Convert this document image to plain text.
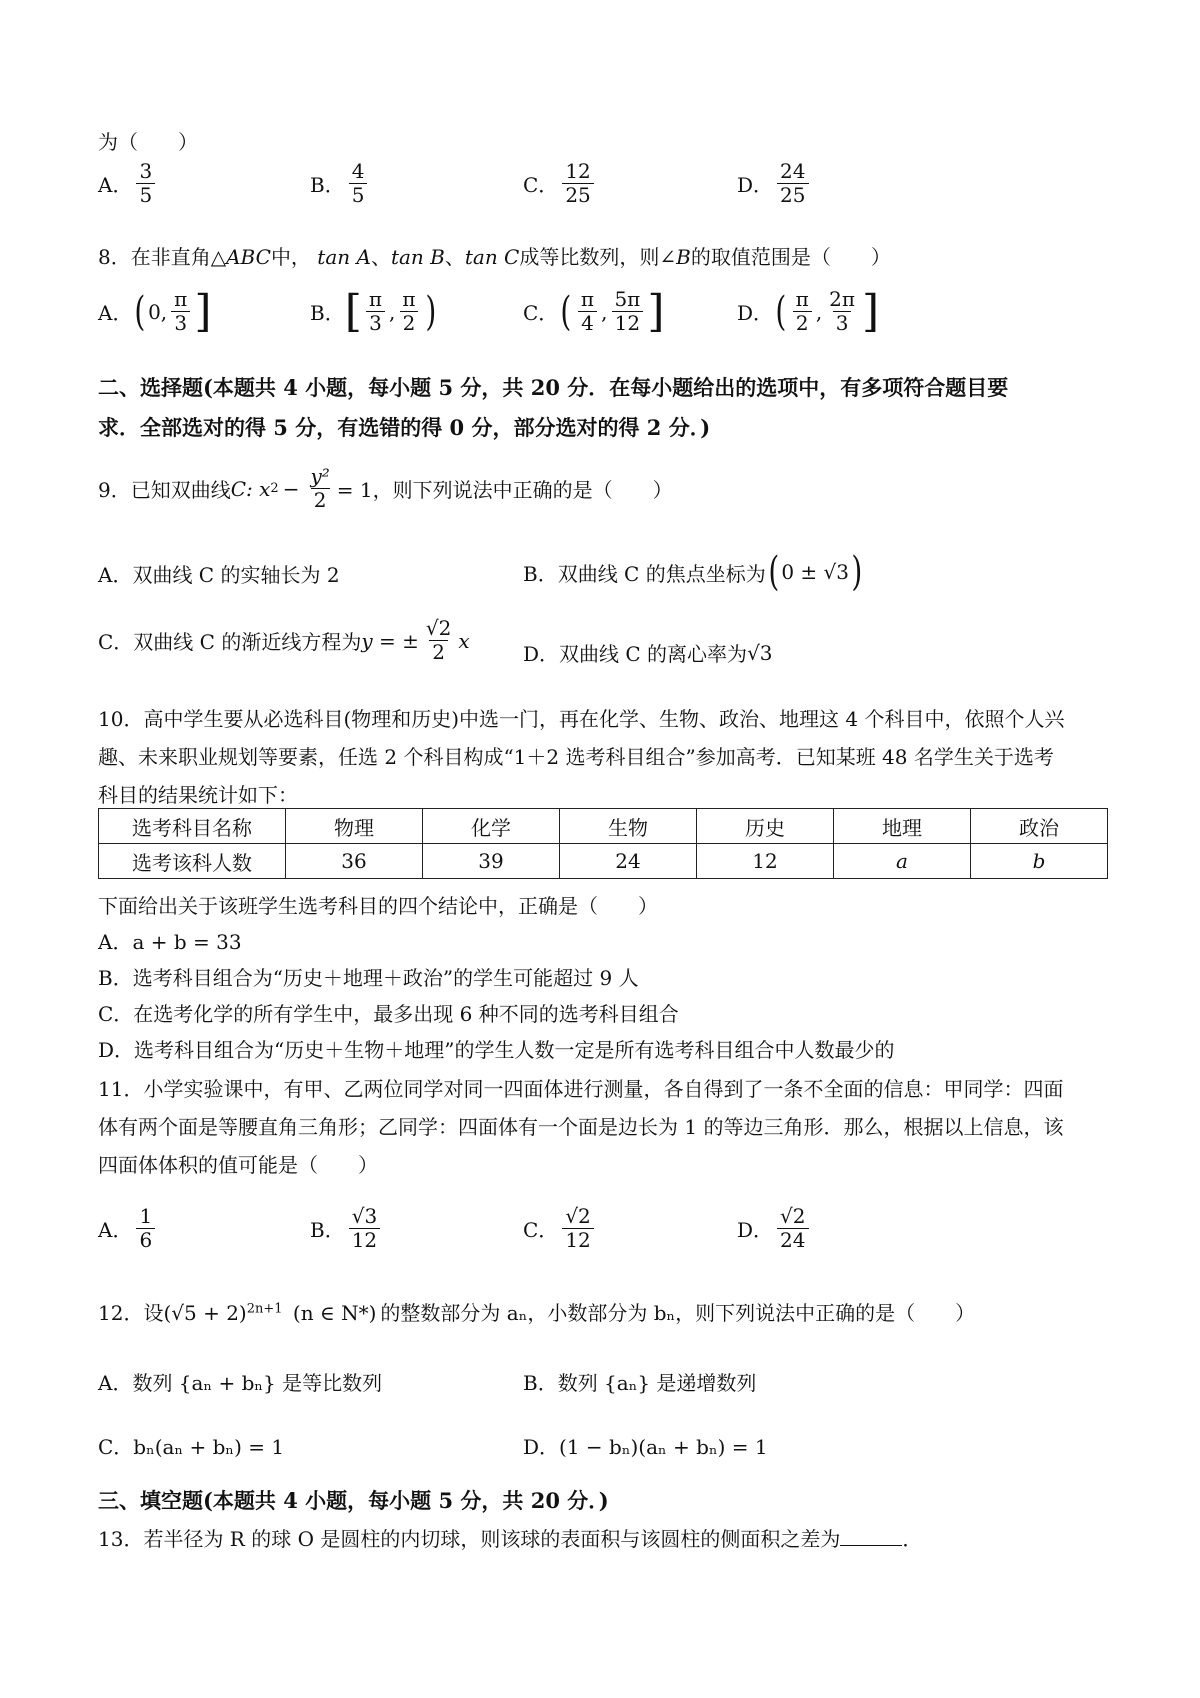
为（　　）
A． $\frac{3}{5}$	B． $\frac{4}{5}$	C． $\frac{12}{25}$	D． $\frac{24}{25}$
8．在非直角△ABC中， tan A、tan B、tan C成等比数列，则∠B的取值范围是（　　）
A． ( 0, $\frac{\pi}{3}$ ]	B． [ $\frac{\pi}{3}$ , $\frac{\pi}{2}$ )	C． ( $\frac{\pi}{4}$ , $\frac{5\pi}{12}$ ]	D． ( $\frac{\pi}{2}$ , $\frac{2\pi}{3}$ ]
二、选择题(本题共 4 小题，每小题 5 分，共 20 分．在每小题给出的选项中，有多项符合题目要
求．全部选对的得 5 分，有选错的得 0 分，部分选对的得 2 分．)
9．已知双曲线 C : x $2 - \frac{\text{y²}}{2} = 1$，则下列说法中正确的是（　　）
A．双曲线 C 的实轴长为 2	B．双曲线 C 的焦点坐标为 ( 0 ± √3 )
C．双曲线 C 的渐近线方程为 y = ± $\frac{√2}{2}$ x
D．双曲线 C 的离心率为 √3
10．高中学生要从必选科目(物理和历史)中选一门，再在化学、生物、政治、地理这 4 个科目中，依照个人兴
趣、未来职业规划等要素，任选 2 个科目构成“1＋2 选考科目组合”参加高考．已知某班 48 名学生关于选考
科目的结果统计如下：
选考科目名称	物理	化学	生物	历史	地理	政治
选考该科人数	36	39	24	12	a	b
下面给出关于该班学生选考科目的四个结论中，正确是（　　）
A．a + b = 33
B．选考科目组合为“历史＋地理＋政治”的学生可能超过 9 人
C．在选考化学的所有学生中，最多出现 6 种不同的选考科目组合
D．选考科目组合为“历史＋生物＋地理”的学生人数一定是所有选考科目组合中人数最少的
11．小学实验课中，有甲、乙两位同学对同一四面体进行测量，各自得到了一条不全面的信息：甲同学：四面
体有两个面是等腰直角三角形；乙同学：四面体有一个面是边长为 1 的等边三角形．那么，根据以上信息，该
四面体体积的值可能是（　　）
A． $\frac{1}{6}$	B． $\frac{√3}{12}$	C． $\frac{√2}{12}$	D． $\frac{√2}{24}$
12．设$(√5 + 2)^{2n+1}$ (n ∈ N*) 的整数部分为 aₙ，小数部分为 bₙ，则下列说法中正确的是（　　）
A．数列 {aₙ + bₙ} 是等比数列	B．数列 {aₙ} 是递增数列
C．bₙ(aₙ + bₙ) = 1	D．(1 − bₙ)(aₙ + bₙ) = 1
三、填空题(本题共 4 小题，每小题 5 分，共 20 分．)
13．若半径为 R 的球 O 是圆柱的内切球，则该球的表面积与该圆柱的侧面积之差为	．
